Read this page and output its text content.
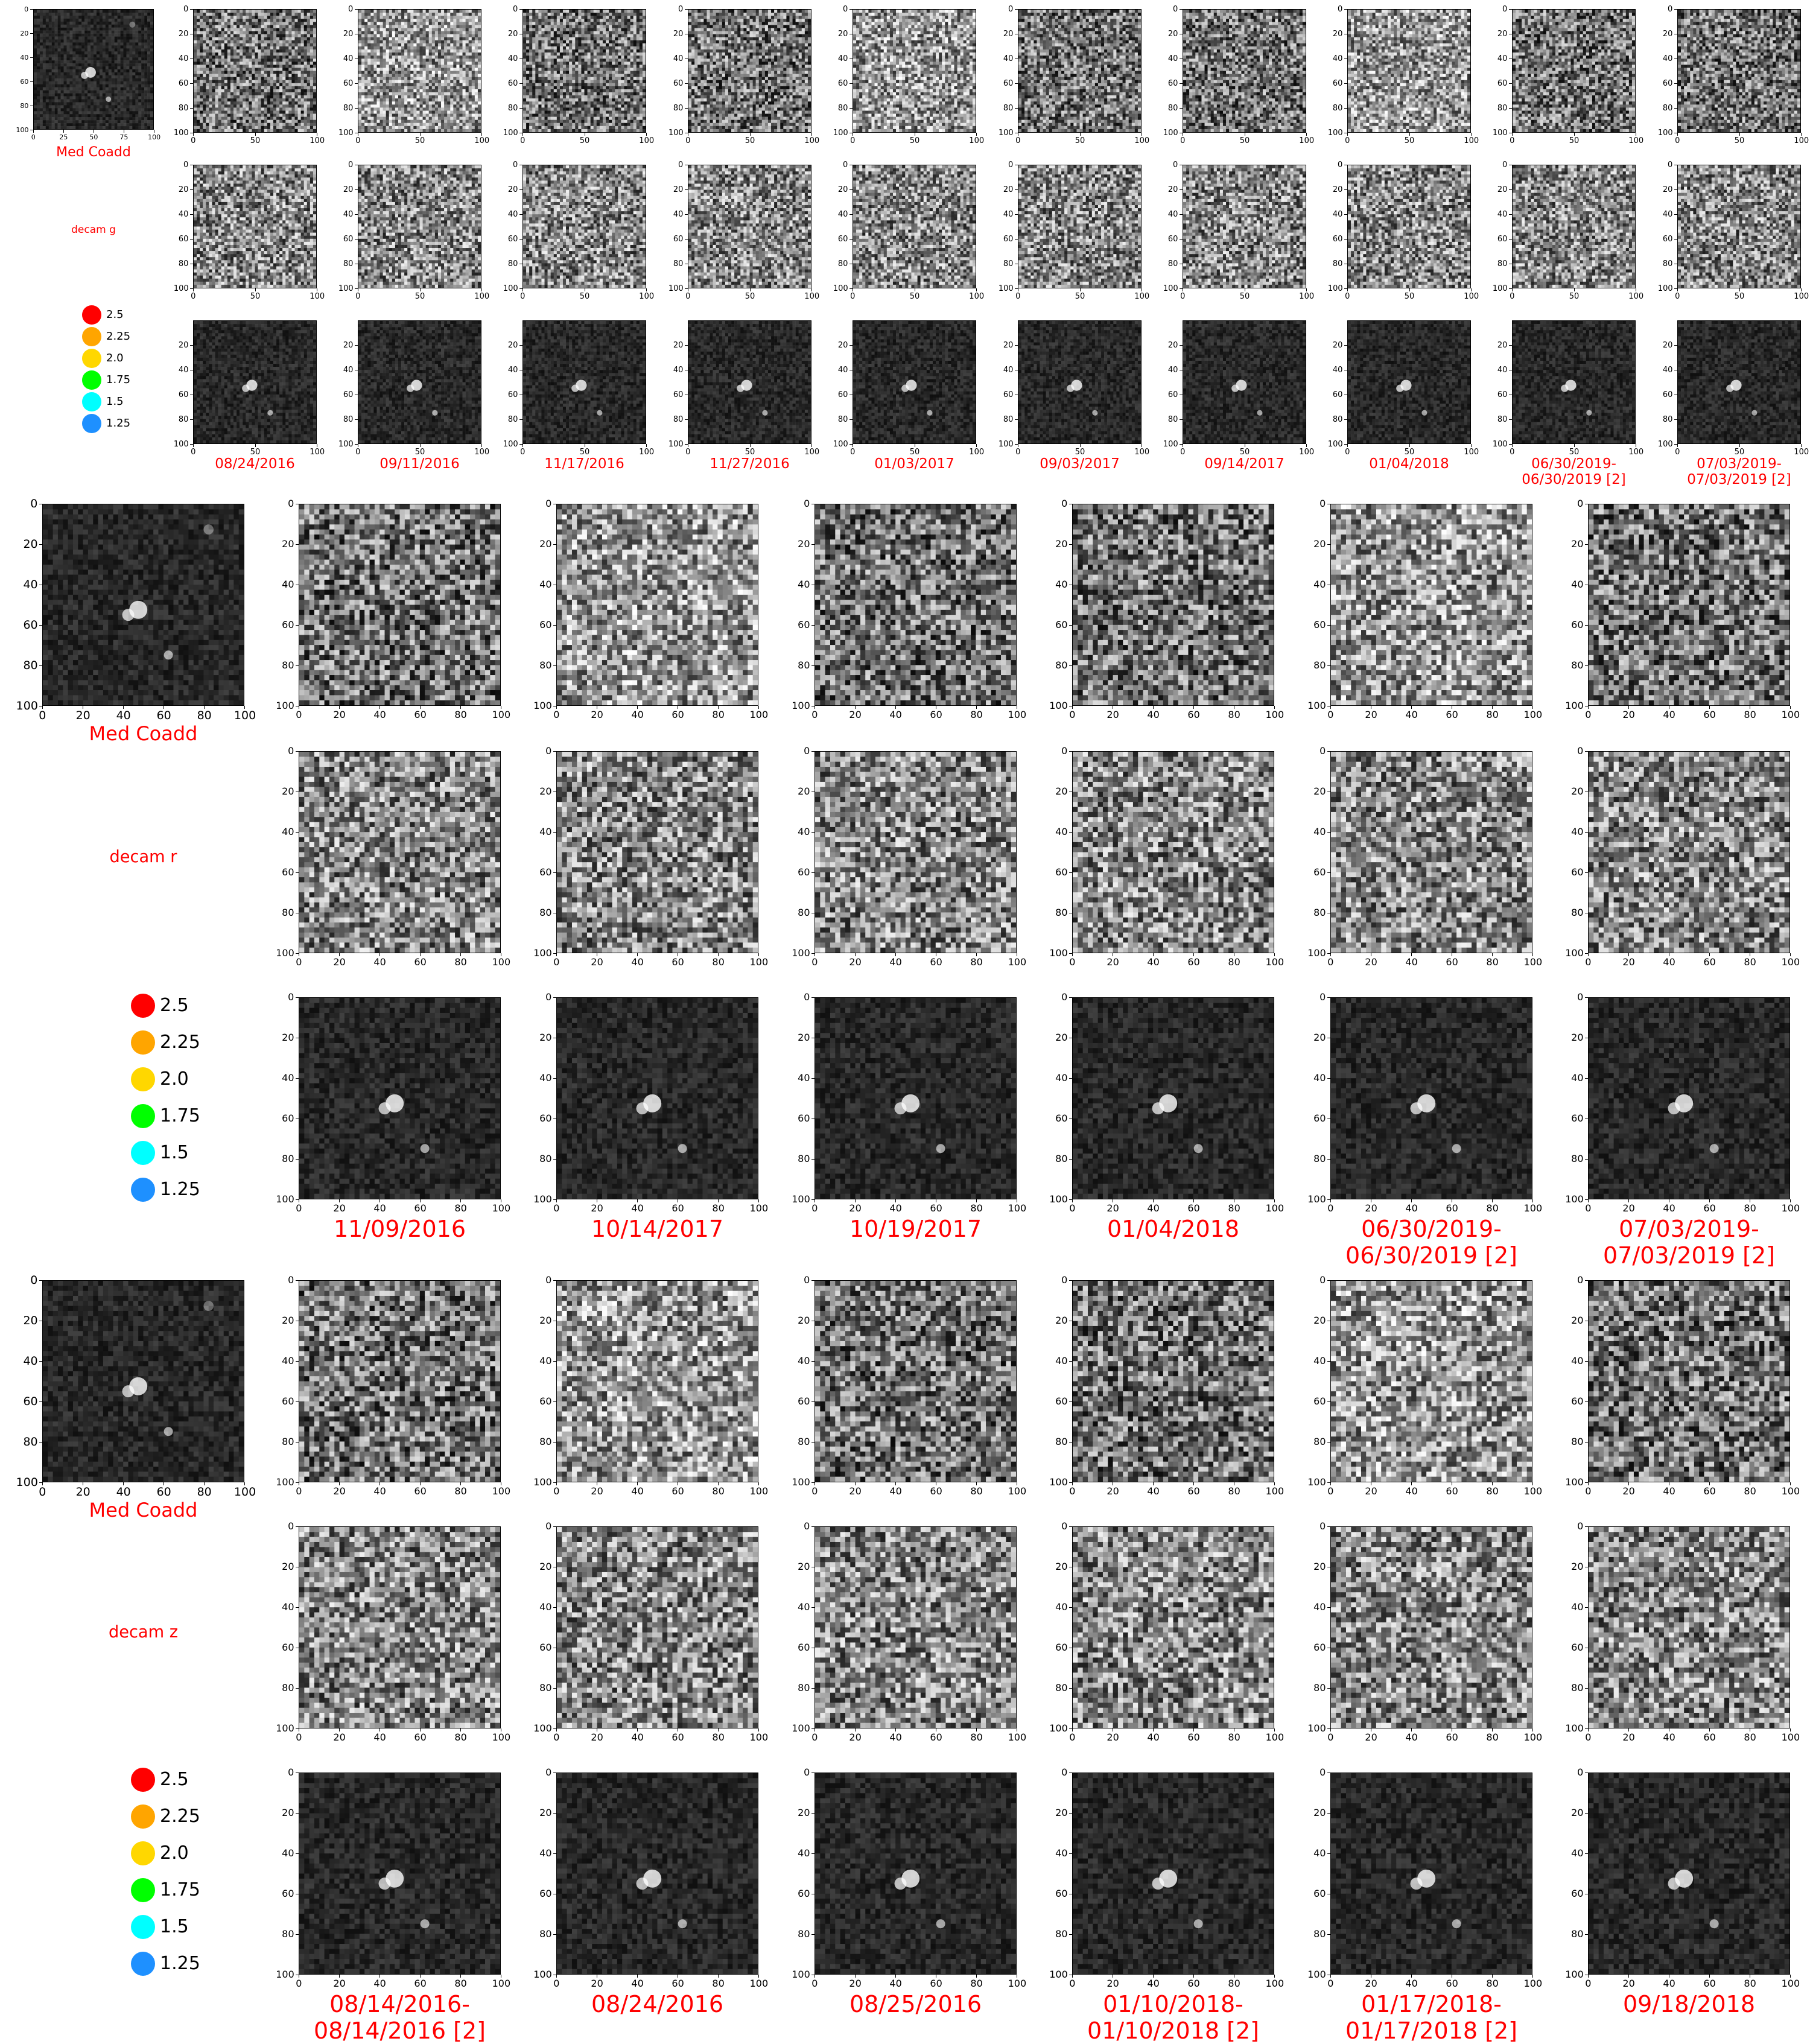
0	25	50	75	100
0
20
40
60
80
100
Med Coadd
decam g
2.5
2.25
2.0
1.75
1.5
1.25
0	50	100
0
20
40
60
80
100
0	50	100
0
20
40
60
80
100
0	50	100
20
40
60
80
100
08/24/2016
0	50	100
0
20
40
60
80
100
0	50	100
0
20
40
60
80
100
0	50	100
20
40
60
80
100
09/11/2016
0	50	100
0
20
40
60
80
100
0	50	100
0
20
40
60
80
100
0	50	100
20
40
60
80
100
11/17/2016
0	50	100
0
20
40
60
80
100
0	50	100
0
20
40
60
80
100
0	50	100
20
40
60
80
100
11/27/2016
0	50	100
0
20
40
60
80
100
0	50	100
0
20
40
60
80
100
0	50	100
20
40
60
80
100
01/03/2017
0	50	100
0
20
40
60
80
100
0	50	100
0
20
40
60
80
100
0	50	100
20
40
60
80
100
09/03/2017
0	50	100
0
20
40
60
80
100
0	50	100
0
20
40
60
80
100
0	50	100
20
40
60
80
100
09/14/2017
0	50	100
0
20
40
60
80
100
0	50	100
0
20
40
60
80
100
0	50	100
20
40
60
80
100
01/04/2018
0	50	100
0
20
40
60
80
100
0	50	100
0
20
40
60
80
100
0	50	100
20
40
60
80
100
06/30/2019-
06/30/2019 [2]
0	50	100
0
20
40
60
80
100
0	50	100
0
20
40
60
80
100
0	50	100
20
40
60
80
100
07/03/2019-
07/03/2019 [2]
0	20 40 60 80 100
0
20
40
60
80
100
Med Coadd
decam r
2.5
2.25
2.0
1.75
1.5
1.25
0	20	40	60	80	100
0
20
40
60
80
100
0	20	40	60	80	100
0
20
40
60
80
100
0	20	40	60	80	100
0
20
40
60
80
100
11/09/2016
0	20	40	60	80	100
0
20
40
60
80
100
0	20	40	60	80	100
0
20
40
60
80
100
0	20	40	60	80	100
0
20
40
60
80
100
10/14/2017
0	20	40	60	80	100
0
20
40
60
80
100
0	20	40	60	80	100
0
20
40
60
80
100
0	20	40	60	80	100
0
20
40
60
80
100
10/19/2017
0	20	40	60	80	100
0
20
40
60
80
100
0	20	40	60	80	100
0
20
40
60
80
100
0	20	40	60	80	100
0
20
40
60
80
100
01/04/2018
0	20	40	60	80	100
0
20
40
60
80
100
0	20	40	60	80	100
0
20
40
60
80
100
0	20	40	60	80	100
0
20
40
60
80
100
06/30/2019-
06/30/2019 [2]
0	20	40	60	80	100
0
20
40
60
80
100
0	20	40	60	80	100
0
20
40
60
80
100
0	20	40	60	80	100
0
20
40
60
80
100
07/03/2019-
07/03/2019 [2]
0	20 40 60 80 100
0
20
40
60
80
100
Med Coadd
decam z
2.5
2.25
2.0
1.75
1.5
1.25
0	20	40	60	80	100
0
20
40
60
80
100
0	20	40	60	80	100
0
20
40
60
80
100
0	20	40	60	80	100
0
20
40
60
80
100
08/14/2016-
08/14/2016 [2]
0	20	40	60	80	100
0
20
40
60
80
100
0	20	40	60	80	100
0
20
40
60
80
100
0	20	40	60	80	100
0
20
40
60
80
100
08/24/2016
0	20	40	60	80	100
0
20
40
60
80
100
0	20	40	60	80	100
0
20
40
60
80
100
0	20	40	60	80	100
0
20
40
60
80
100
08/25/2016
0	20	40	60	80	100
0
20
40
60
80
100
0	20	40	60	80	100
0
20
40
60
80
100
0	20	40	60	80	100
0
20
40
60
80
100
01/10/2018-
01/10/2018 [2]
0	20	40	60	80	100
0
20
40
60
80
100
0	20	40	60	80	100
0
20
40
60
80
100
0	20	40	60	80	100
0
20
40
60
80
100
01/17/2018-
01/17/2018 [2]
0	20	40	60	80	100
0
20
40
60
80
100
0	20	40	60	80	100
0
20
40
60
80
100
0	20	40	60	80	100
0
20
40
60
80
100
09/18/2018
